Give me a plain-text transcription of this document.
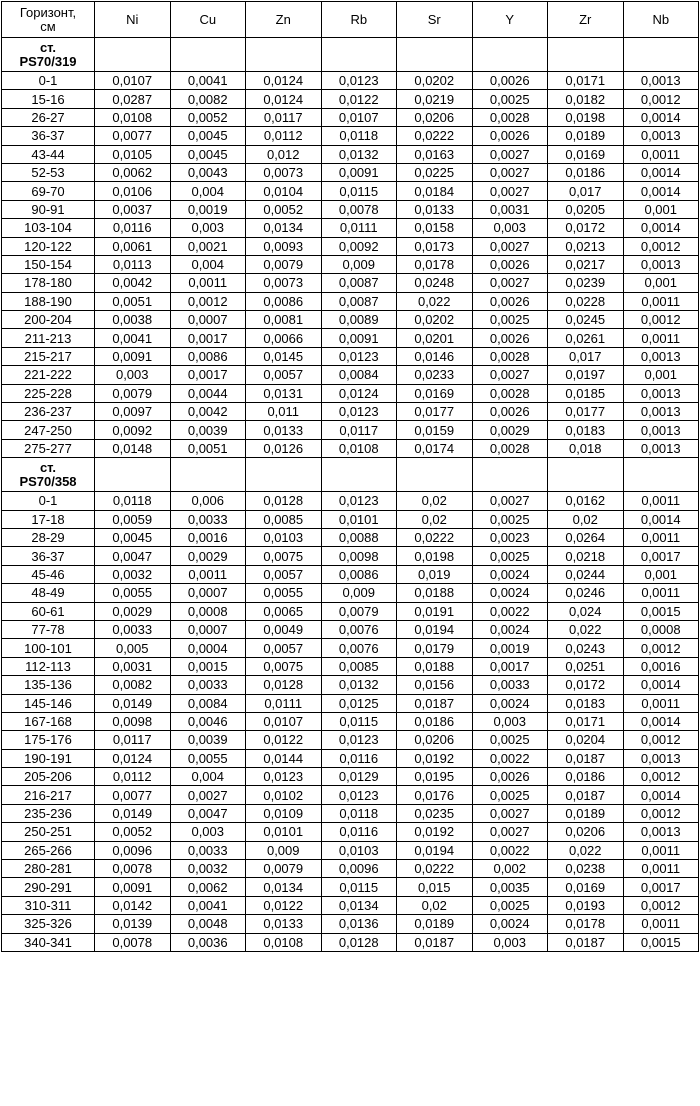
Горизонт,
см	Ni	Cu	Zn	Rb	Sr	Y	Zr	Nb
ст.
PS70/319								
0-1	0,0107	0,0041	0,0124	0,0123	0,0202	0,0026	0,0171	0,0013
15-16	0,0287	0,0082	0,0124	0,0122	0,0219	0,0025	0,0182	0,0012
26-27	0,0108	0,0052	0,0117	0,0107	0,0206	0,0028	0,0198	0,0014
36-37	0,0077	0,0045	0,0112	0,0118	0,0222	0,0026	0,0189	0,0013
43-44	0,0105	0,0045	0,012	0,0132	0,0163	0,0027	0,0169	0,0011
52-53	0,0062	0,0043	0,0073	0,0091	0,0225	0,0027	0,0186	0,0014
69-70	0,0106	0,004	0,0104	0,0115	0,0184	0,0027	0,017	0,0014
90-91	0,0037	0,0019	0,0052	0,0078	0,0133	0,0031	0,0205	0,001
103-104	0,0116	0,003	0,0134	0,0111	0,0158	0,003	0,0172	0,0014
120-122	0,0061	0,0021	0,0093	0,0092	0,0173	0,0027	0,0213	0,0012
150-154	0,0113	0,004	0,0079	0,009	0,0178	0,0026	0,0217	0,0013
178-180	0,0042	0,0011	0,0073	0,0087	0,0248	0,0027	0,0239	0,001
188-190	0,0051	0,0012	0,0086	0,0087	0,022	0,0026	0,0228	0,0011
200-204	0,0038	0,0007	0,0081	0,0089	0,0202	0,0025	0,0245	0,0012
211-213	0,0041	0,0017	0,0066	0,0091	0,0201	0,0026	0,0261	0,0011
215-217	0,0091	0,0086	0,0145	0,0123	0,0146	0,0028	0,017	0,0013
221-222	0,003	0,0017	0,0057	0,0084	0,0233	0,0027	0,0197	0,001
225-228	0,0079	0,0044	0,0131	0,0124	0,0169	0,0028	0,0185	0,0013
236-237	0,0097	0,0042	0,011	0,0123	0,0177	0,0026	0,0177	0,0013
247-250	0,0092	0,0039	0,0133	0,0117	0,0159	0,0029	0,0183	0,0013
275-277	0,0148	0,0051	0,0126	0,0108	0,0174	0,0028	0,018	0,0013
ст.
PS70/358								
0-1	0,0118	0,006	0,0128	0,0123	0,02	0,0027	0,0162	0,0011
17-18	0,0059	0,0033	0,0085	0,0101	0,02	0,0025	0,02	0,0014
28-29	0,0045	0,0016	0,0103	0,0088	0,0222	0,0023	0,0264	0,0011
36-37	0,0047	0,0029	0,0075	0,0098	0,0198	0,0025	0,0218	0,0017
45-46	0,0032	0,0011	0,0057	0,0086	0,019	0,0024	0,0244	0,001
48-49	0,0055	0,0007	0,0055	0,009	0,0188	0,0024	0,0246	0,0011
60-61	0,0029	0,0008	0,0065	0,0079	0,0191	0,0022	0,024	0,0015
77-78	0,0033	0,0007	0,0049	0,0076	0,0194	0,0024	0,022	0,0008
100-101	0,005	0,0004	0,0057	0,0076	0,0179	0,0019	0,0243	0,0012
112-113	0,0031	0,0015	0,0075	0,0085	0,0188	0,0017	0,0251	0,0016
135-136	0,0082	0,0033	0,0128	0,0132	0,0156	0,0033	0,0172	0,0014
145-146	0,0149	0,0084	0,0111	0,0125	0,0187	0,0024	0,0183	0,0011
167-168	0,0098	0,0046	0,0107	0,0115	0,0186	0,003	0,0171	0,0014
175-176	0,0117	0,0039	0,0122	0,0123	0,0206	0,0025	0,0204	0,0012
190-191	0,0124	0,0055	0,0144	0,0116	0,0192	0,0022	0,0187	0,0013
205-206	0,0112	0,004	0,0123	0,0129	0,0195	0,0026	0,0186	0,0012
216-217	0,0077	0,0027	0,0102	0,0123	0,0176	0,0025	0,0187	0,0014
235-236	0,0149	0,0047	0,0109	0,0118	0,0235	0,0027	0,0189	0,0012
250-251	0,0052	0,003	0,0101	0,0116	0,0192	0,0027	0,0206	0,0013
265-266	0,0096	0,0033	0,009	0,0103	0,0194	0,0022	0,022	0,0011
280-281	0,0078	0,0032	0,0079	0,0096	0,0222	0,002	0,0238	0,0011
290-291	0,0091	0,0062	0,0134	0,0115	0,015	0,0035	0,0169	0,0017
310-311	0,0142	0,0041	0,0122	0,0134	0,02	0,0025	0,0193	0,0012
325-326	0,0139	0,0048	0,0133	0,0136	0,0189	0,0024	0,0178	0,0011
340-341	0,0078	0,0036	0,0108	0,0128	0,0187	0,003	0,0187	0,0015
